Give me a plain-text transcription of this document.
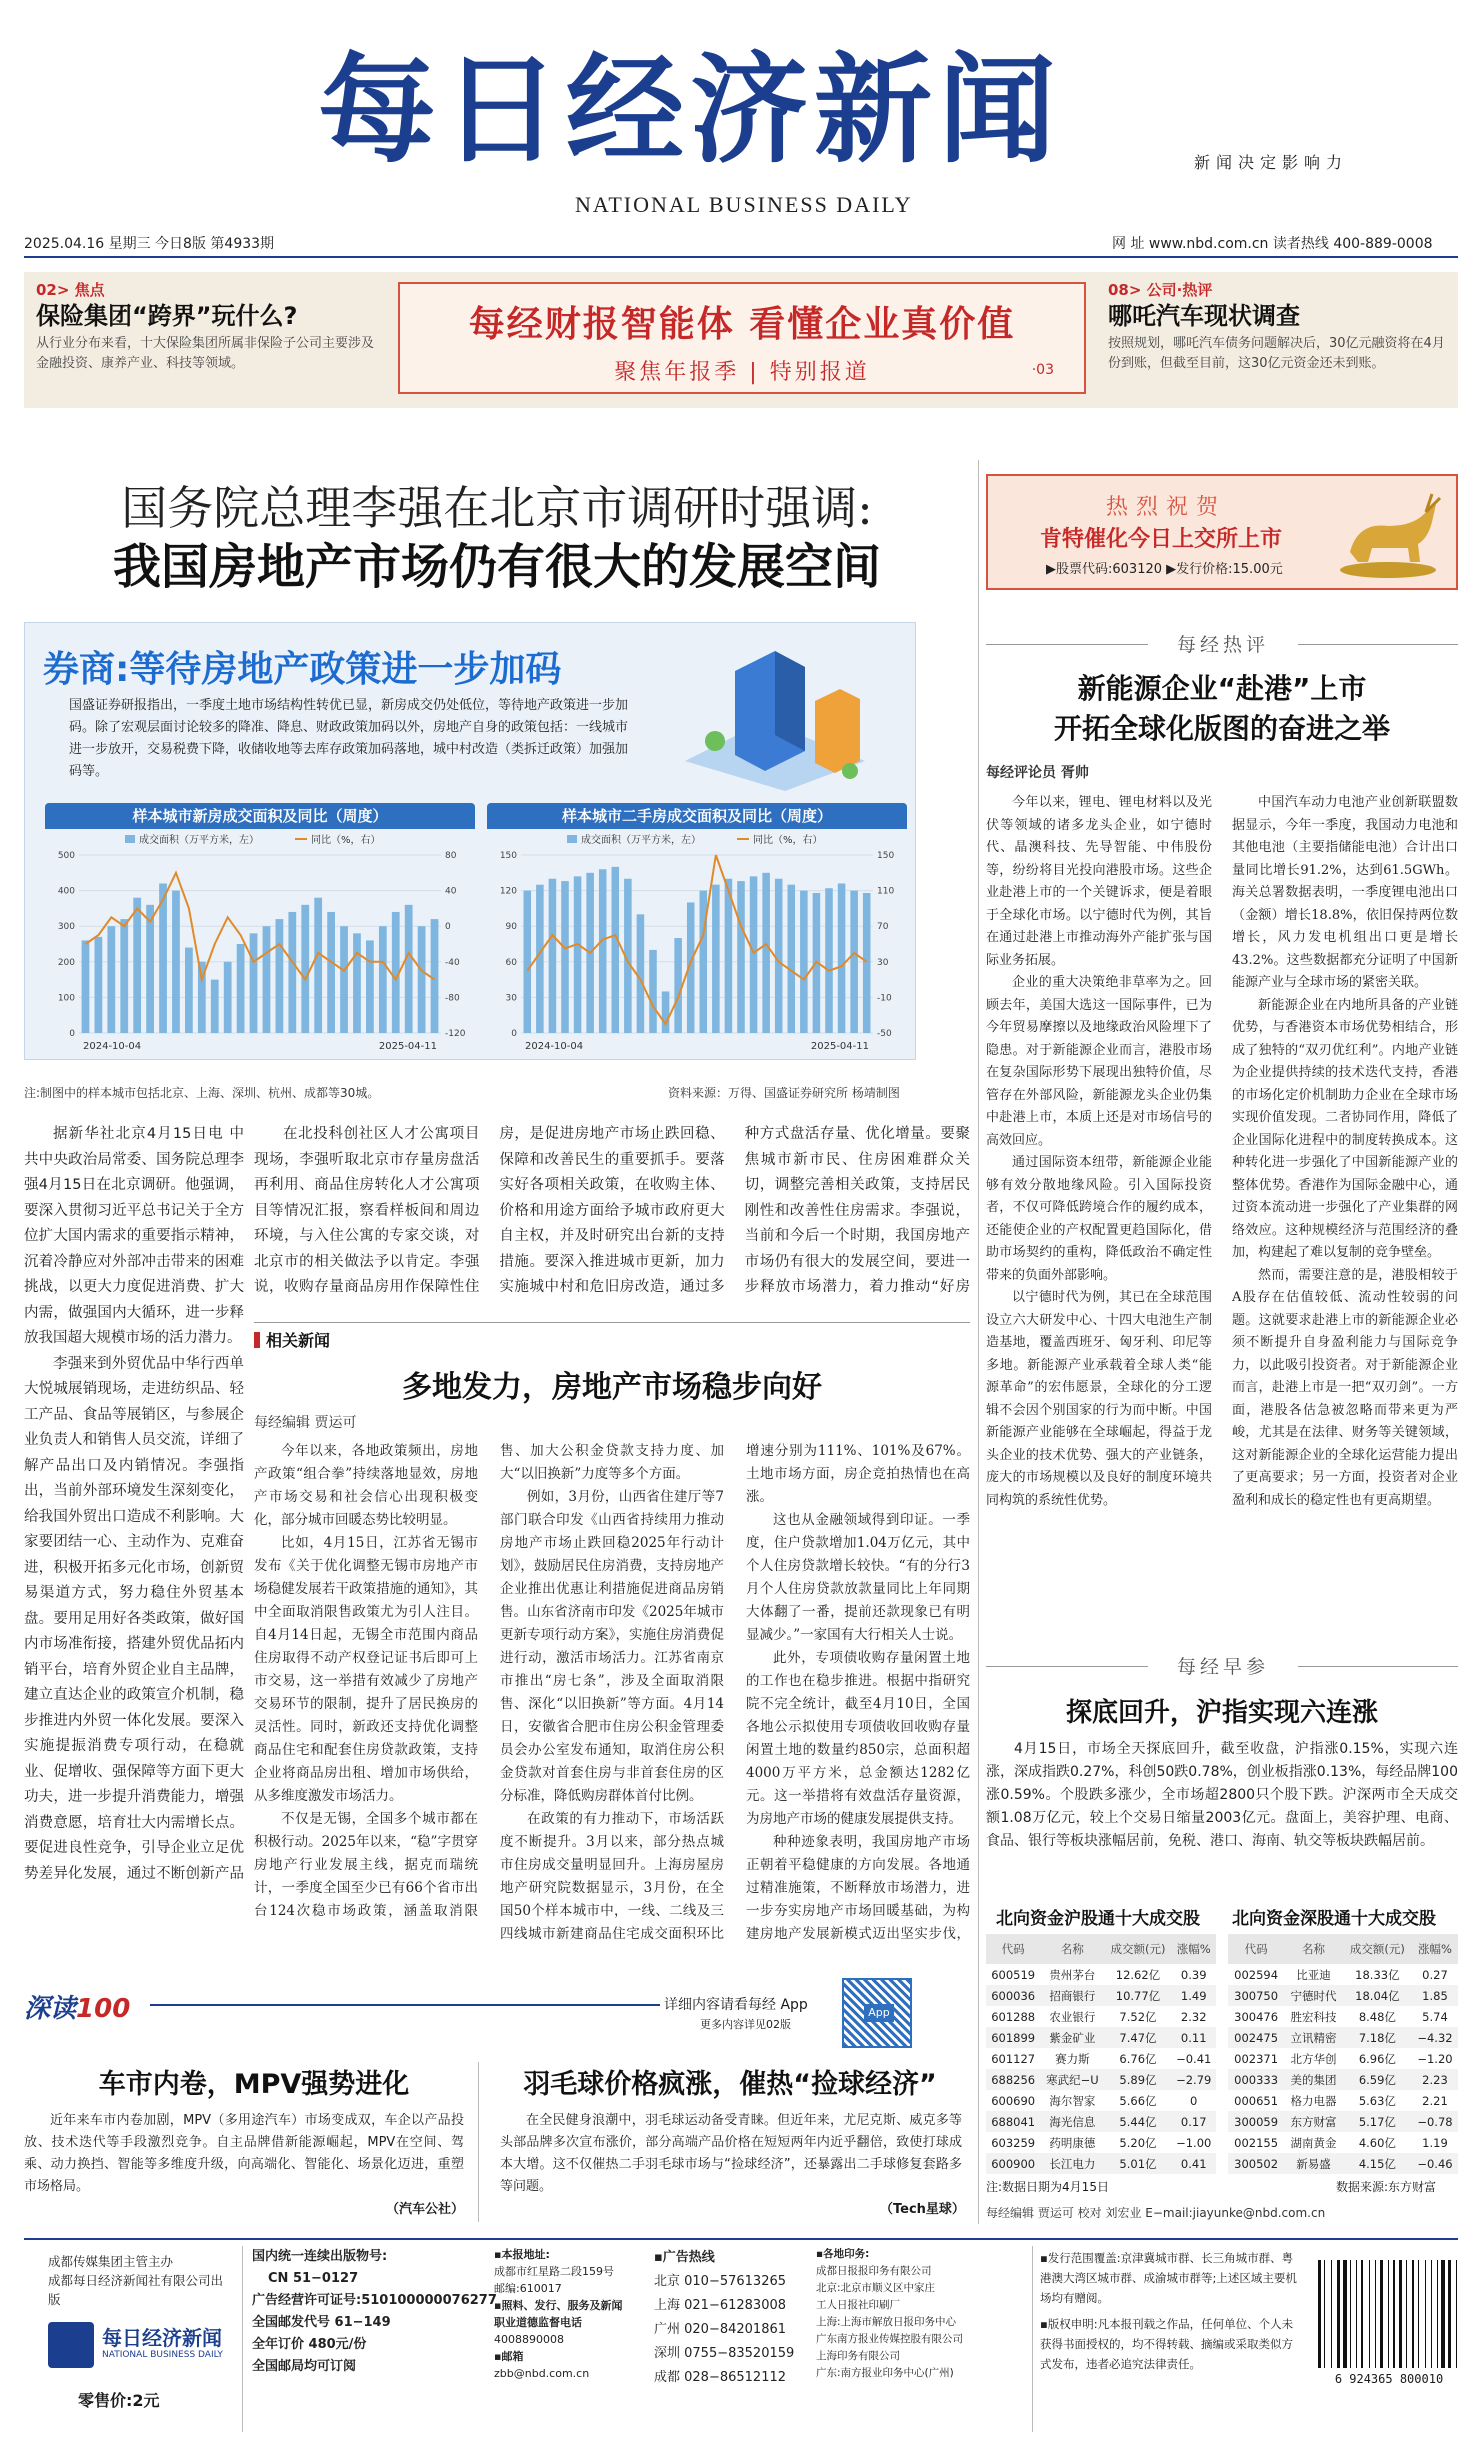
每日经济新闻
NATIONAL BUSINESS DAILY
新闻决定影响力
2025.04.16 星期三 今日8版 第4933期	网 址 www.nbd.com.cn 读者热线 400-889-0008
02> 焦点
保险集团“跨界”玩什么?
从行业分布来看，十大保险集团所属非保险子公司主要涉及金融投资、康养产业、科技等领域。
每经财报智能体 看懂企业真价值
聚焦年报季 | 特别报道	·03
08> 公司·热评
哪吒汽车现状调查
按照规划，哪吒汽车债务问题解决后，30亿元融资将在4月份到账，但截至目前，这30亿元资金还未到账。
国务院总理李强在北京市调研时强调:
我国房地产市场仍有很大的发展空间
券商:等待房地产政策进一步加码
国盛证券研报指出，一季度土地市场结构性转优已显，新房成交仍处低位，等待地产政策进一步加码。除了宏观层面讨论较多的降准、降息、财政政策加码以外，房地产自身的政策包括：一线城市进一步放开，交易税费下降，收储收地等去库存政策加码落地，城中村改造（类拆迁政策）加强加码等。
样本城市新房成交面积及同比（周度）	样本城市二手房成交面积及同比（周度）
成交面积（万平方米，左）	同比（%，右）
0
100
200
300
400
500
-120
-80
-40
0
40
80
2024-10-04	2025-04-11
成交面积（万平方米，左）	同比（%，右）
0
30
60
90
120
150
-50
-10
30
70
110
150
2024-10-04	2025-04-11
注:制图中的样本城市包括北京、上海、深圳、杭州、成都等30城。	资料来源：万得、国盛证券研究所 杨靖制图

据新华社北京4月15日电 中共中央政治局常委、国务院总理李强4月15日在北京调研。他强调，要深入贯彻习近平总书记关于全方位扩大国内需求的重要指示精神，沉着冷静应对外部冲击带来的困难挑战，以更大力度促进消费、扩大内需，做强国内大循环，进一步释放我国超大规模市场的活力潜力。

李强来到外贸优品中华行西单大悦城展销现场，走进纺织品、轻工产品、食品等展销区，与参展企业负责人和销售人员交流，详细了解产品出口及内销情况。李强指出，当前外部环境发生深刻变化，给我国外贸出口造成不利影响。大家要团结一心、主动作为、克难奋进，积极开拓多元化市场，创新贸易渠道方式，努力稳住外贸基本盘。要用足用好各类政策，做好国内市场准衔接，搭建外贸优品拓内销平台，培育外贸企业自主品牌，建立直达企业的政策宣介机制，稳步推进内外贸一体化发展。要深入实施提振消费专项行动，在稳就业、促增收、强保障等方面下更大功夫，进一步提升消费能力，增强消费意愿，培育壮大内需增长点。要促进良性竞争，引导企业立足优势差异化发展，通过不断创新产品

在北投科创社区人才公寓项目现场，李强听取北京市存量房盘活再利用、商品住房转化人才公寓项目等情况汇报，察看样板间和周边环境，与入住公寓的专家交谈，对北京市的相关做法予以肯定。李强说，收购存量商品房用作保障性住房，是促进房地产市场止跌回稳、保障和改善民生的重要抓手。要落实好各项相关政策，在收购主体、价格和用途方面给予城市政府更大自主权，并及时研究出台新的支持措施。要深入推进城市更新，加力实施城中村和危旧房改造，通过多种方式盘活存量、优化增量。要聚焦城市新市民、住房困难群众关切，调整完善相关政策，支持居民刚性和改善性住房需求。李强说，当前和今后一个时期，我国房地产市场仍有很大的发展空间，要进一步释放市场潜力，着力推动“好房

相关新闻
多地发力，房地产市场稳步向好
每经编辑 贾运可

今年以来，各地政策频出，房地产政策“组合拳”持续落地显效，房地产市场交易和社会信心出现积极变化，部分城市回暖态势比较明显。

比如，4月15日，江苏省无锡市发布《关于优化调整无锡市房地产市场稳健发展若干政策措施的通知》，其中全面取消限售政策尤为引人注目。自4月14日起，无锡全市范围内商品住房取得不动产权登记证书后即可上市交易，这一举措有效减少了房地产交易环节的限制，提升了居民换房的灵活性。同时，新政还支持优化调整商品住宅和配套住房贷款政策，支持企业将商品房出租、增加市场供给，从多维度激发市场活力。

不仅是无锡，全国多个城市都在积极行动。2025年以来，“稳”字贯穿房地产行业发展主线，据克而瑞统计，一季度全国至少已有66个省市出台124次稳市场政策，涵盖取消限售、加大公积金贷款支持力度、加大“以旧换新”力度等多个方面。

例如，3月份，山西省住建厅等7部门联合印发《山西省持续用力推动房地产市场止跌回稳2025年行动计划》，鼓励居民住房消费，支持房地产企业推出优惠让利措施促进商品房销售。山东省济南市印发《2025年城市更新专项行动方案》，实施住房消费促进行动，激活市场活力。江苏省南京市推出“房七条”，涉及全面取消限售、深化“以旧换新”等方面。4月14日，安徽省合肥市住房公积金管理委员会办公室发布通知，取消住房公积金贷款对首套住房与非首套住房的区分标准，降低购房群体首付比例。

在政策的有力推动下，市场活跃度不断提升。3月以来，部分热点城市住房成交量明显回升。上海房屋房地产研究院数据显示，3月份，在全国50个样本城市中，一线、二线及三四线城市新建商品住宅成交面积环比增速分别为111%、101%及67%。土地市场方面，房企竞拍热情也在高涨。

这也从金融领域得到印证。一季度，住户贷款增加1.04万亿元，其中个人住房贷款增长较快。“有的分行3月个人住房贷款放款量同比上年同期大体翻了一番，提前还款现象已有明显减少。”一家国有大行相关人士说。

此外，专项债收购存量闲置土地的工作也在稳步推进。根据中指研究院不完全统计，截至4月10日，全国各地公示拟使用专项债收回收购存量闲置土地的数量约850宗，总面积超4000万平方米，总金额达1282亿元。这一举措将有效盘活存量资源，为房地产市场的健康发展提供支持。

种种迹象表明，我国房地产市场正朝着平稳健康的方向发展。各地通过精准施策，不断释放市场潜力，进一步夯实房地产市场回暖基础，为构建房地产发展新模式迈出坚实步伐，

热烈祝贺
肯特催化今日上交所上市
▶股票代码:603120 ▶发行价格:15.00元
每经热评
新能源企业“赴港”上市
开拓全球化版图的奋进之举
每经评论员 胥帅

今年以来，锂电、锂电材料以及光伏等领域的诸多龙头企业，如宁德时代、晶澳科技、先导智能、中伟股份等，纷纷将目光投向港股市场。这些企业赴港上市的一个关键诉求，便是着眼于全球化市场。以宁德时代为例，其旨在通过赴港上市推动海外产能扩张与国际业务拓展。

企业的重大决策绝非草率为之。回顾去年，美国大选这一国际事件，已为今年贸易摩擦以及地缘政治风险埋下了隐患。对于新能源企业而言，港股市场在复杂国际形势下展现出独特价值，尽管存在外部风险，新能源龙头企业仍集中赴港上市，本质上还是对市场信号的高效回应。

通过国际资本纽带，新能源企业能够有效分散地缘风险。引入国际投资者，不仅可降低跨境合作的履约成本，还能使企业的产权配置更趋国际化，借助市场契约的重构，降低政治不确定性带来的负面外部影响。

以宁德时代为例，其已在全球范围设立六大研发中心、十四大电池生产制造基地，覆盖西班牙、匈牙利、印尼等多地。新能源产业承载着全球人类“能源革命”的宏伟愿景，全球化的分工逻辑不会因个别国家的行为而中断。中国新能源产业能够在全球崛起，得益于龙头企业的技术优势、强大的产业链条，庞大的市场规模以及良好的制度环境共同构筑的系统性优势。

中国汽车动力电池产业创新联盟数据显示，今年一季度，我国动力电池和其他电池（主要指储能电池）合计出口量同比增长91.2%，达到61.5GWh。海关总署数据表明，一季度锂电池出口（金额）增长18.8%，依旧保持两位数增长，风力发电机组出口更是增长43.2%。这些数据都充分证明了中国新能源产业与全球市场的紧密关联。

新能源企业在内地所具备的产业链优势，与香港资本市场优势相结合，形成了独特的“双刃优红利”。内地产业链为企业提供持续的技术迭代支持，香港的市场化定价机制助力企业在全球市场实现价值发现。二者协同作用，降低了企业国际化进程中的制度转换成本。这种转化进一步强化了中国新能源产业的整体优势。香港作为国际金融中心，通过资本流动进一步强化了产业集群的网络效应。这种规模经济与范围经济的叠加，构建起了难以复制的竞争壁垒。

然而，需要注意的是，港股相较于A股存在估值较低、流动性较弱的问题。这就要求赴港上市的新能源企业必须不断提升自身盈利能力与国际竞争力，以此吸引投资者。对于新能源企业而言，赴港上市是一把“双刃剑”。一方面，港股各估急被忽略而带来更为严峻，尤其是在法律、财务等关键领域，这对新能源企业的全球化运营能力提出了更高要求；另一方面，投资者对企业盈利和成长的稳定性也有更高期望。

每经早参
探底回升，沪指实现六连涨
4月15日，市场全天探底回升，截至收盘，沪指涨0.15%，实现六连涨，深成指跌0.27%，科创50跌0.78%，创业板指涨0.13%，每经品牌100涨0.59%。个股跌多涨少，全市场超2800只个股下跌。沪深两市全天成交额1.08万亿元，较上个交易日缩量2003亿元。盘面上，美容护理、电商、食品、银行等板块涨幅居前，免税、港口、海南、轨交等板块跌幅居前。
北向资金沪股通十大成交股 北向资金深股通十大成交股
代码	名称	成交额(元)	涨幅%
600519	贵州茅台	12.62亿	0.39
600036	招商银行	10.77亿	1.49
601288	农业银行	7.52亿	2.32
601899	紫金矿业	7.47亿	0.11
601127	赛力斯	6.76亿	−0.41
688256	寒武纪−U	5.89亿	−2.79
600690	海尔智家	5.66亿	0
688041	海光信息	5.44亿	0.17
603259	药明康德	5.20亿	−1.00
600900	长江电力	5.01亿	0.41
代码	名称	成交额(元)	涨幅%
002594	比亚迪	18.33亿	0.27
300750	宁德时代	18.04亿	1.85
300476	胜宏科技	8.48亿	5.74
002475	立讯精密	7.18亿	−4.32
002371	北方华创	6.96亿	−1.20
000333	美的集团	6.59亿	2.23
000651	格力电器	5.63亿	2.21
300059	东方财富	5.17亿	−0.78
002155	湖南黄金	4.60亿	1.19
300502	新易盛	4.15亿	−0.46
注:数据日期为4月15日	数据来源:东方财富
每经编辑 贾运可 校对 刘宏业 E−mail:jiayunke@nbd.com.cn
深读100	详细内容请看每经 App
更多内容详见02版
App
车市内卷，MPV强势进化
近年来车市内卷加剧，MPV（多用途汽车）市场变成双，车企以产品投放、技术迭代等手段激烈竞争。自主品牌借新能源崛起，MPV在空间、驾乘、动力换挡、智能等多维度升级，向高端化、智能化、场景化迈进，重塑市场格局。
（汽车公社）
羽毛球价格疯涨，催热“捡球经济”
在全民健身浪潮中，羽毛球运动备受青睐。但近年来，尤尼克斯、威克多等头部品牌多次宣布涨价，部分高端产品价格在短短两年内近乎翻倍，致使打球成本大增。这不仅催热二手羽毛球市场与“捡球经济”，还暴露出二手球修复套路多等问题。
（Tech星球）
成都传媒集团主管主办
成都每日经济新闻社有限公司出版
每日经济新闻
NATIONAL BUSINESS DAILY
零售价:2元
国内统一连续出版物号:
CN 51−0127
广告经营许可证号:510100000076277
全国邮发代号 61−149
全年订价 480元/份
全国邮局均可订阅
▪本报地址:
成都市红星路二段159号
邮编:610017
▪照料、发行、服务及新闻
职业道德监督电话
4008890008
▪邮箱
zbb@nbd.com.cn
▪广告热线
北京 010−57613265
上海 021−61283008
广州 020−84201861
深圳 0755−83520159
成都 028−86512112
▪各地印务:
成都日报报印务有限公司
北京:北京市顺义区中家庄
工人日报社印刷厂
上海:上海市解放日报印务中心
广东南方报业传媒控股有限公司
上海印务有限公司
广东:南方报业印务中心(广州)
▪发行范围覆盖:京津冀城市群、长三角城市群、粤港澳大湾区城市群、成渝城市群等;上述区域主要机场均有赠阅。
▪版权申明:凡本报刊载之作品，任何单位、个人未获得书面授权的，均不得转载、摘编或采取类似方式发布，违者必追究法律责任。
6 924365 800010
